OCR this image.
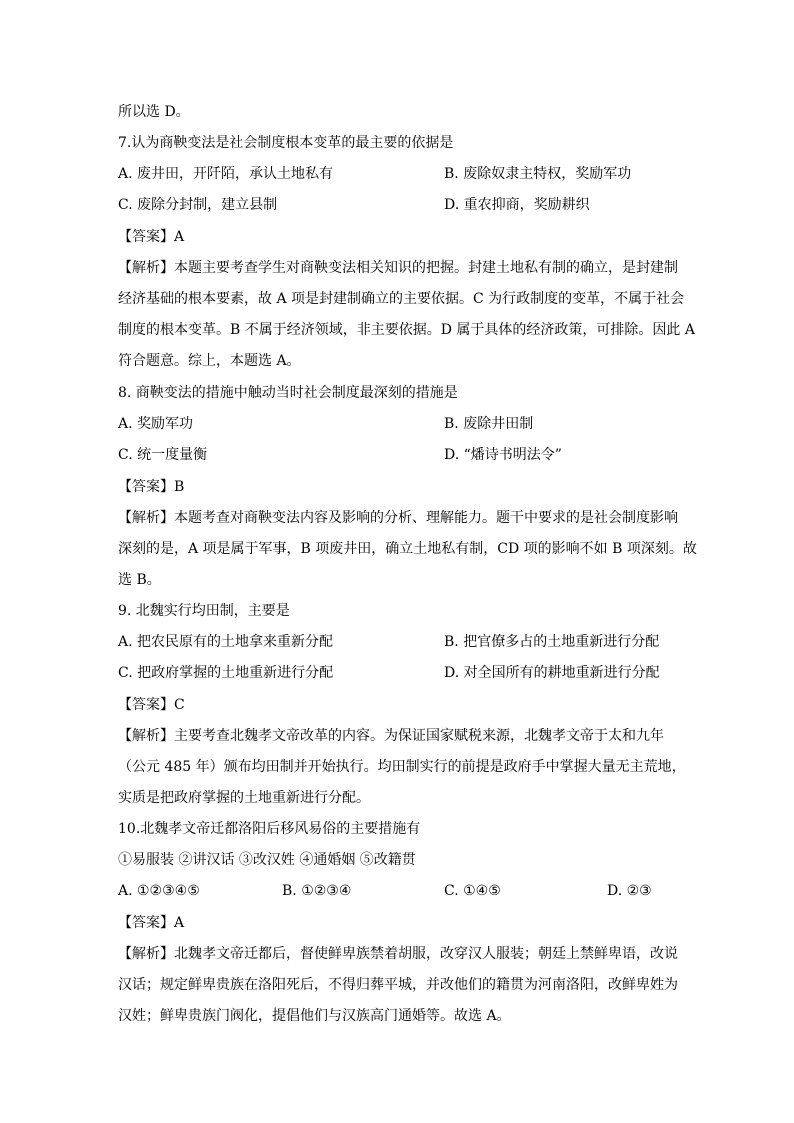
所以选 D。
7.认为商鞅变法是社会制度根本变革的最主要的依据是
A. 废井田，开阡陌，承认土地私有	B. 废除奴隶主特权，奖励军功
C. 废除分封制，建立县制	D. 重农抑商，奖励耕织
【答案】A
【解析】本题主要考查学生对商鞅变法相关知识的把握。封建土地私有制的确立，是封建制
经济基础的根本要素，故 A 项是封建制确立的主要依据。C 为行政制度的变革，不属于社会
制度的根本变革。B 不属于经济领域，非主要依据。D 属于具体的经济政策，可排除。因此 A
符合题意。综上，本题选 A。
8. 商鞅变法的措施中触动当时社会制度最深刻的措施是
A. 奖励军功	B. 废除井田制
C. 统一度量衡	D. “燔诗书明法令”
【答案】B
【解析】本题考查对商鞅变法内容及影响的分析、理解能力。题干中要求的是社会制度影响
深刻的是，A 项是属于军事，B 项废井田，确立土地私有制，CD 项的影响不如 B 项深刻。故
选 B。
9. 北魏实行均田制，主要是
A. 把农民原有的土地拿来重新分配	B. 把官僚多占的土地重新进行分配
C. 把政府掌握的土地重新进行分配	D. 对全国所有的耕地重新进行分配
【答案】C
【解析】主要考查北魏孝文帝改革的内容。为保证国家赋税来源，北魏孝文帝于太和九年
（公元 485 年）颁布均田制并开始执行。均田制实行的前提是政府手中掌握大量无主荒地，
实质是把政府掌握的土地重新进行分配。
10.北魏孝文帝迁都洛阳后移风易俗的主要措施有
①易服装 ②讲汉话 ③改汉姓 ④通婚姻 ⑤改籍贯
A. ①②③④⑤	B. ①②③④	C. ①④⑤	D. ②③
【答案】A
【解析】北魏孝文帝迁都后，督使鲜卑族禁着胡服，改穿汉人服装；朝廷上禁鲜卑语，改说
汉话；规定鲜卑贵族在洛阳死后，不得归葬平城，并改他们的籍贯为河南洛阳，改鲜卑姓为
汉姓；鲜卑贵族门阀化，提倡他们与汉族高门通婚等。故选 A。
